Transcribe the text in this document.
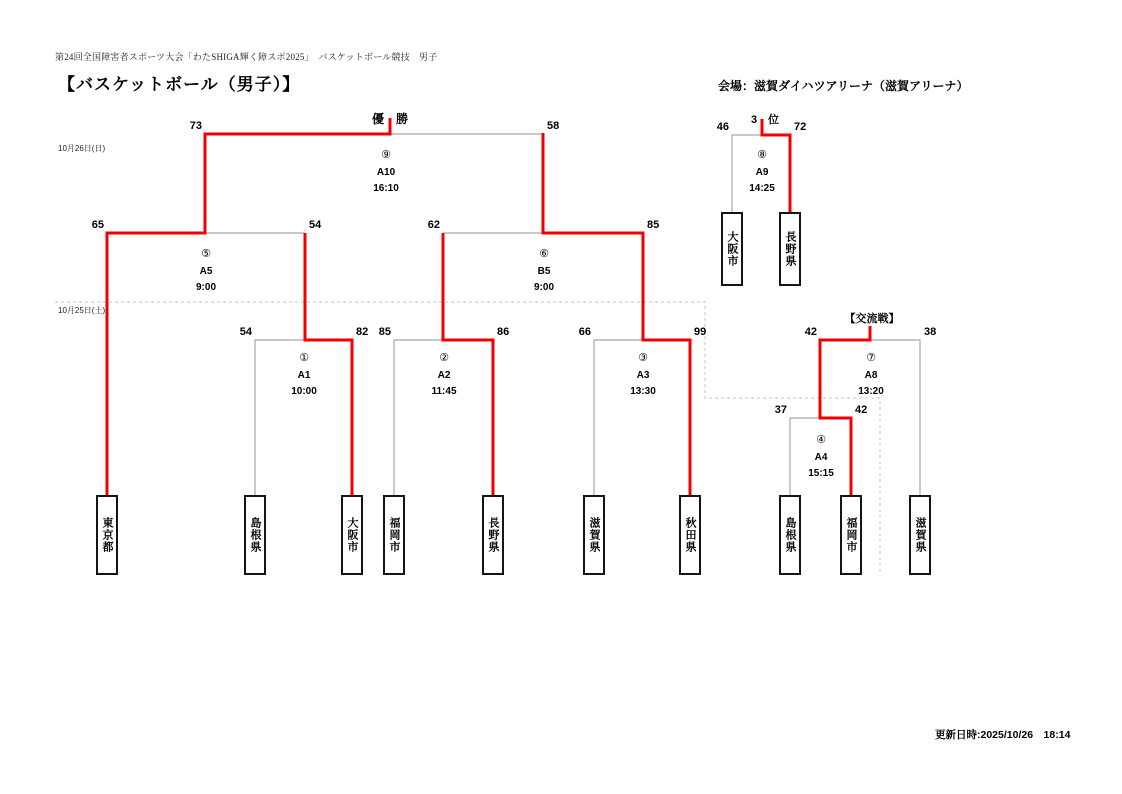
第24回全国障害者スポーツ大会「わたSHIGA輝く障スポ2025」　バスケットボール競技　男子
【バスケットボール（男子）】	会場：滋賀ダイハツアリーナ（滋賀アリーナ）
優　勝	3　位
【交流戦】
10月26日(日)
10月25日(土)
73	58
⑨
A10
16:10
46	72
⑧
A9
14:25
65	54
⑤
A5
9:00
62	85
⑥
B5
9:00
54	82
①
A1
10:00
85	86
②
A2
11:45
66	99
③
A3
13:30
42	38
⑦
A8
13:20
37	42
④
A4
15:15
大阪市	長野県
東京都	島根県	大阪市	福岡市	長野県	滋賀県	秋田県	島根県	福岡市	滋賀県
更新日時:2025/10/26　18:14
